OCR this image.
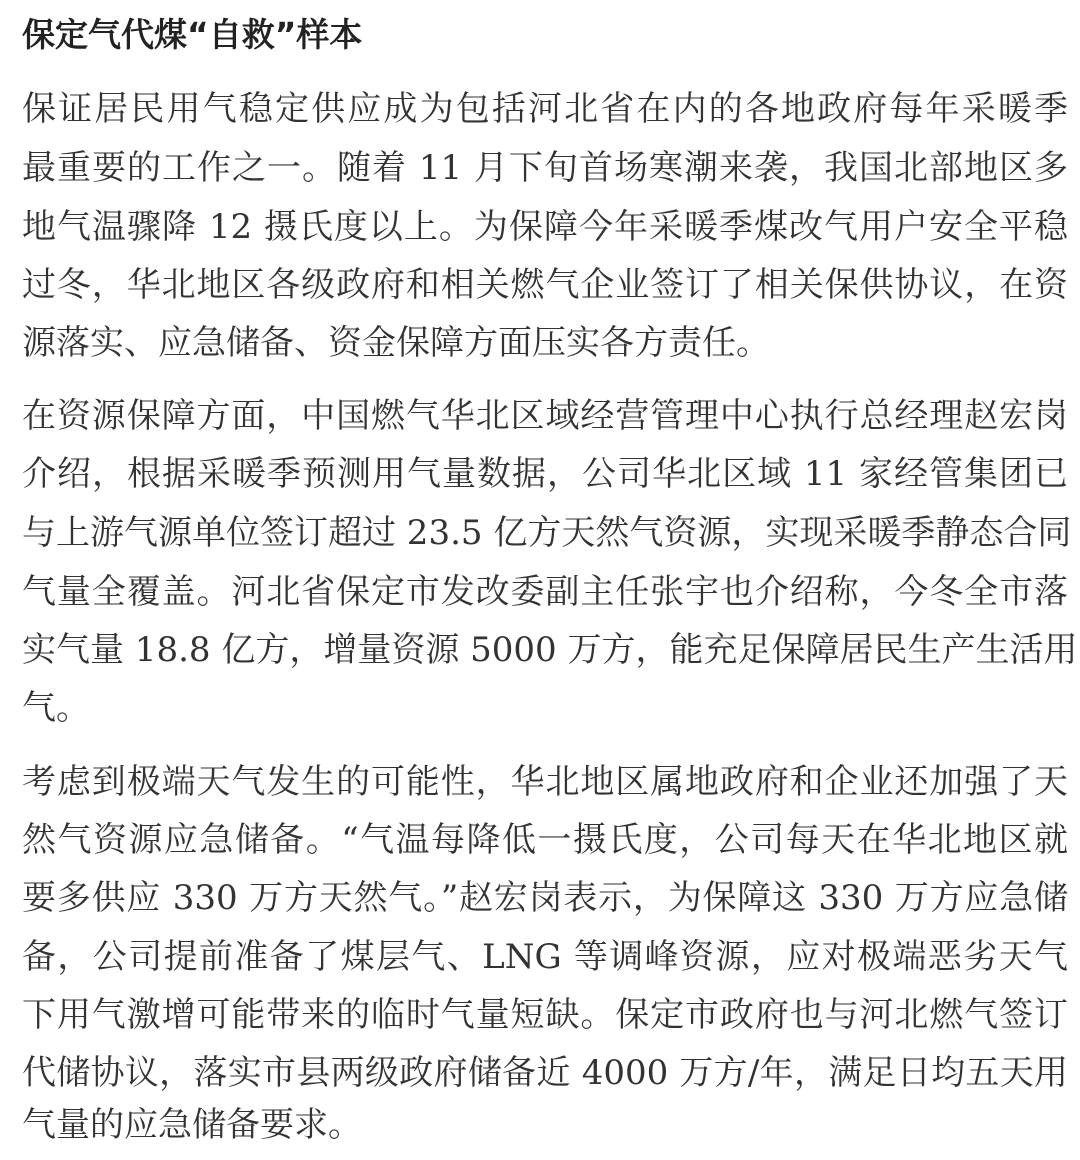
保定气代煤“自救”样本
保证居民用气稳定供应成为包括河北省在内的各地政府每年采暖季
最重要的工作之一。随着 11 月下旬首场寒潮来袭，我国北部地区多
地气温骤降 12 摄氏度以上。为保障今年采暖季煤改气用户安全平稳
过冬，华北地区各级政府和相关燃气企业签订了相关保供协议，在资
源落实、应急储备、资金保障方面压实各方责任。
在资源保障方面，中国燃气华北区域经营管理中心执行总经理赵宏岗
介绍，根据采暖季预测用气量数据，公司华北区域 11 家经管集团已
与上游气源单位签订超过 23.5 亿方天然气资源，实现采暖季静态合同
气量全覆盖。河北省保定市发改委副主任张宇也介绍称，今冬全市落
实气量 18.8 亿方，增量资源 5000 万方，能充足保障居民生产生活用
气。
考虑到极端天气发生的可能性，华北地区属地政府和企业还加强了天
然气资源应急储备。“气温每降低一摄氏度，公司每天在华北地区就
要多供应 330 万方天然气。”赵宏岗表示，为保障这 330 万方应急储
备，公司提前准备了煤层气、LNG 等调峰资源，应对极端恶劣天气
下用气激增可能带来的临时气量短缺。保定市政府也与河北燃气签订
代储协议，落实市县两级政府储备近 4000 万方/年，满足日均五天用
气量的应急储备要求。
